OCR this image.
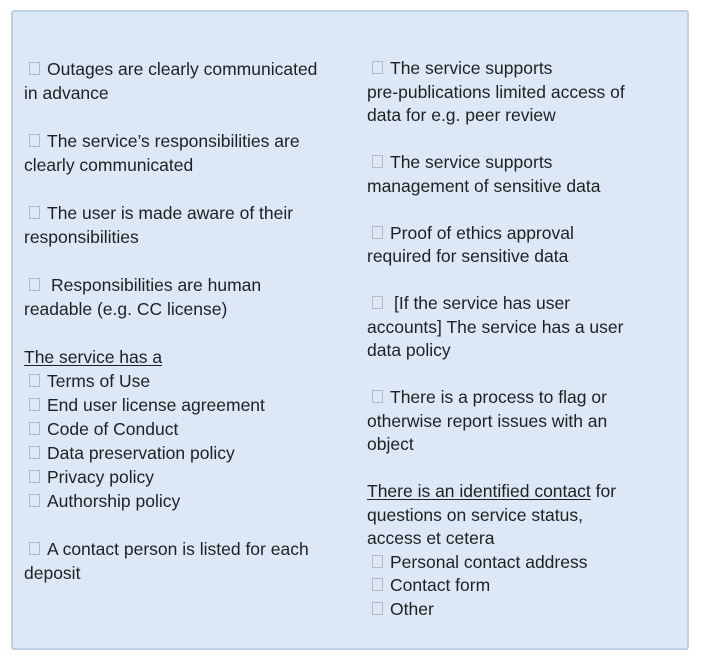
Outages are clearly communicated
in advance
The service’s responsibilities are
clearly communicated
The user is made aware of their
responsibilities
Responsibilities are human
readable (e.g. CC license)
The service has a
Terms of Use
End user license agreement
Code of Conduct
Data preservation policy
Privacy policy
Authorship policy
A contact person is listed for each
deposit
The service supports
pre-publications limited access of
data for e.g. peer review
The service supports
management of sensitive data
Proof of ethics approval
required for sensitive data
[If the service has user
accounts] The service has a user
data policy
There is a process to flag or
otherwise report issues with an
object
There is an identified contact for
questions on service status,
access et cetera
Personal contact address
Contact form
Other
